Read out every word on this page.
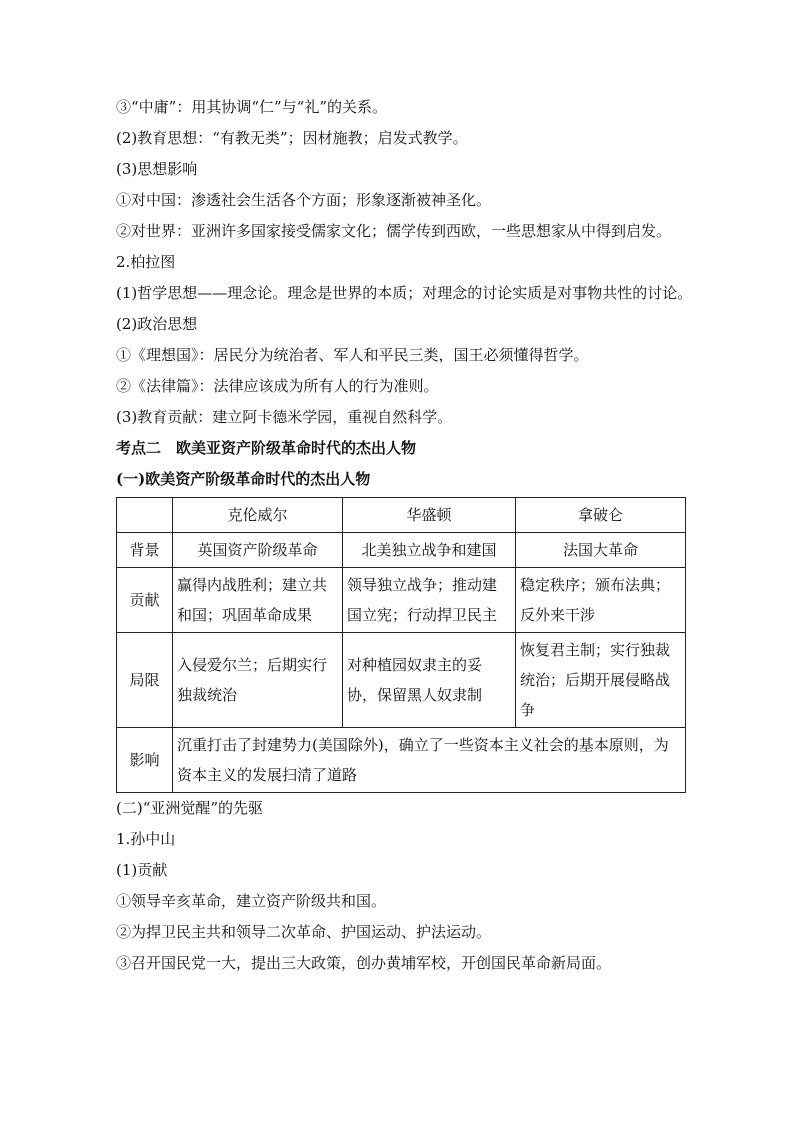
③“中庸”：用其协调“仁”与“礼”的关系。

(2)教育思想：“有教无类”；因材施教；启发式教学。

(3)思想影响

①对中国：渗透社会生活各个方面；形象逐渐被神圣化。

②对世界：亚洲许多国家接受儒家文化；儒学传到西欧，一些思想家从中得到启发。

2.柏拉图

(1)哲学思想——理念论。理念是世界的本质；对理念的讨论实质是对事物共性的讨论。

(2)政治思想

①《理想国》：居民分为统治者、军人和平民三类，国王必须懂得哲学。

②《法律篇》：法律应该成为所有人的行为准则。

(3)教育贡献：建立阿卡德米学园，重视自然科学。

考点二　欧美亚资产阶级革命时代的杰出人物

(一)欧美资产阶级革命时代的杰出人物

	克伦威尔	华盛顿	拿破仑
背景	英国资产阶级革命	北美独立战争和建国	法国大革命
贡献	赢得内战胜利；建立共和国；巩固革命成果	领导独立战争；推动建国立宪；行动捍卫民主	稳定秩序；颁布法典；反外来干涉
局限	入侵爱尔兰；后期实行独裁统治	对种植园奴隶主的妥协，保留黑人奴隶制	恢复君主制；实行独裁统治；后期开展侵略战争
影响	沉重打击了封建势力(美国除外)，确立了一些资本主义社会的基本原则，为资本主义的发展扫清了道路		

(二)“亚洲觉醒”的先驱

1.孙中山

(1)贡献

①领导辛亥革命，建立资产阶级共和国。

②为捍卫民主共和领导二次革命、护国运动、护法运动。

③召开国民党一大，提出三大政策，创办黄埔军校，开创国民革命新局面。
